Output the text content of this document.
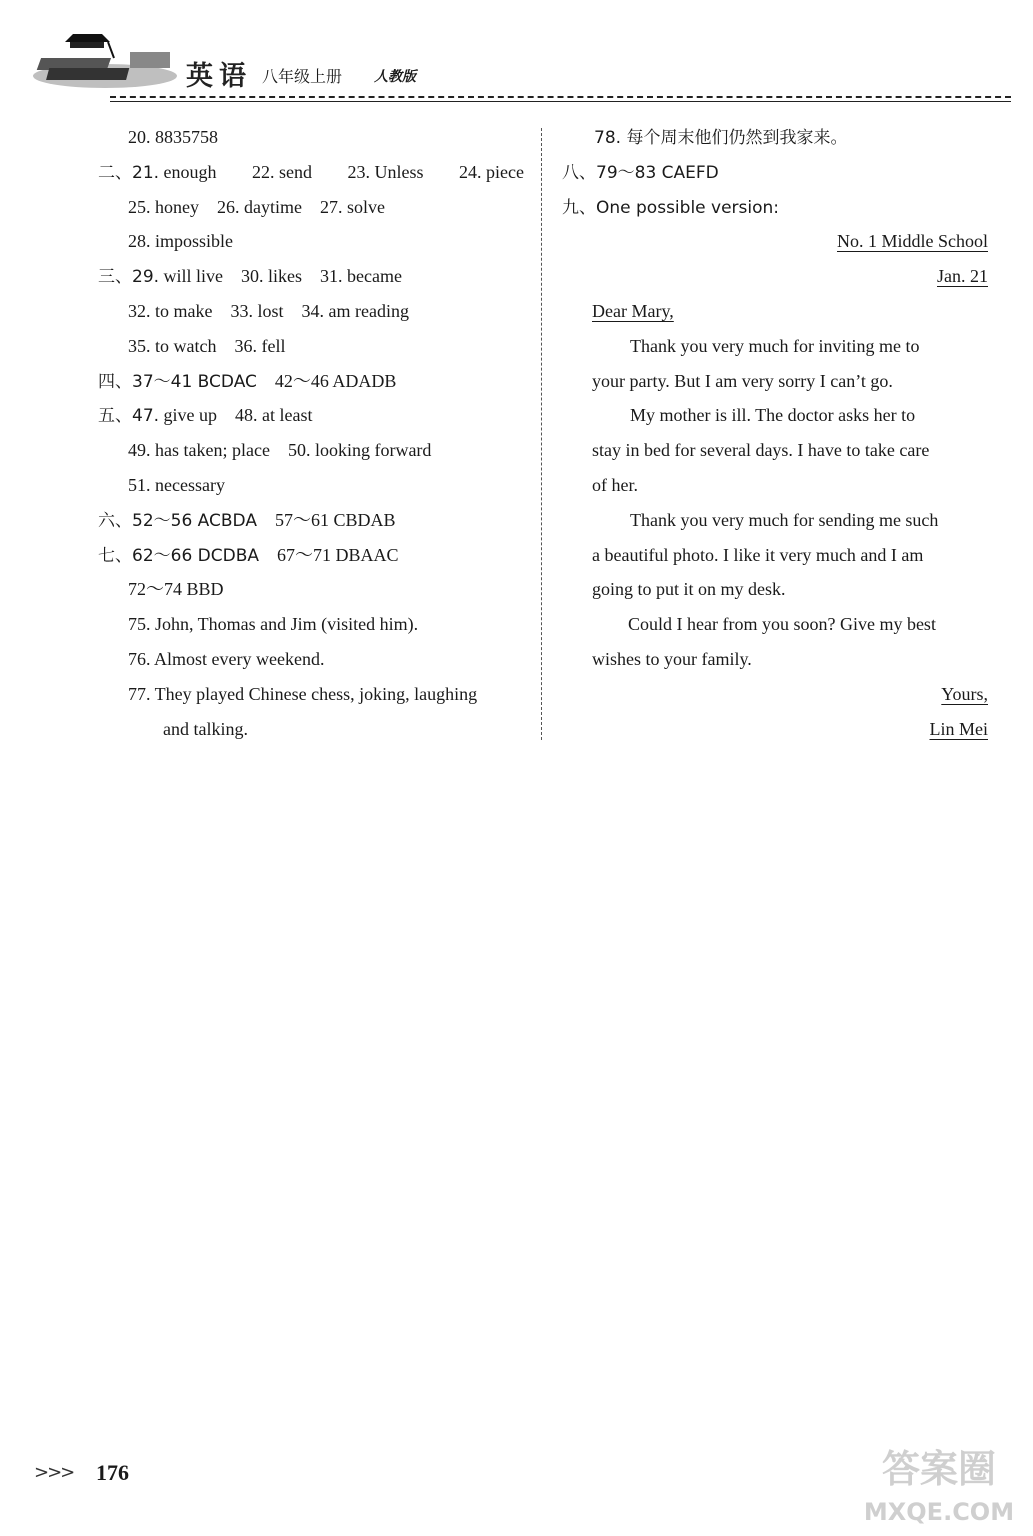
英语 八年级上册 人教版
20. 8835758
二、21. enough 22. send 23. Unless 24. piece
25. honey 26. daytime 27. solve
28. impossible
三、29. will live 30. likes 31. became
32. to make 33. lost 34. am reading
35. to watch 36. fell
四、37～41 BCDAC 42～46 ADADB
五、47. give up 48. at least
49. has taken; place 50. looking forward
51. necessary
六、52～56 ACBDA 57～61 CBDAB
七、62～66 DCDBA 67～71 DBAAC
72～74 BBD
75. John, Thomas and Jim (visited him).
76. Almost every weekend.
77. They played Chinese chess, joking, laughing
and talking.
78. 每个周末他们仍然到我家来。
八、79～83 CAEFD
九、One possible version:
No. 1 Middle School
Jan. 21
Dear Mary,
Thank you very much for inviting me to
your party. But I am very sorry I can’t go.
My mother is ill. The doctor asks her to
stay in bed for several days. I have to take care
of her.
Thank you very much for sending me such
a beautiful photo. I like it very much and I am
going to put it on my desk.
Could I hear from you soon? Give my best
wishes to your family.
Yours,
Lin Mei
>>> 176	答案圈
MXQE.COM
